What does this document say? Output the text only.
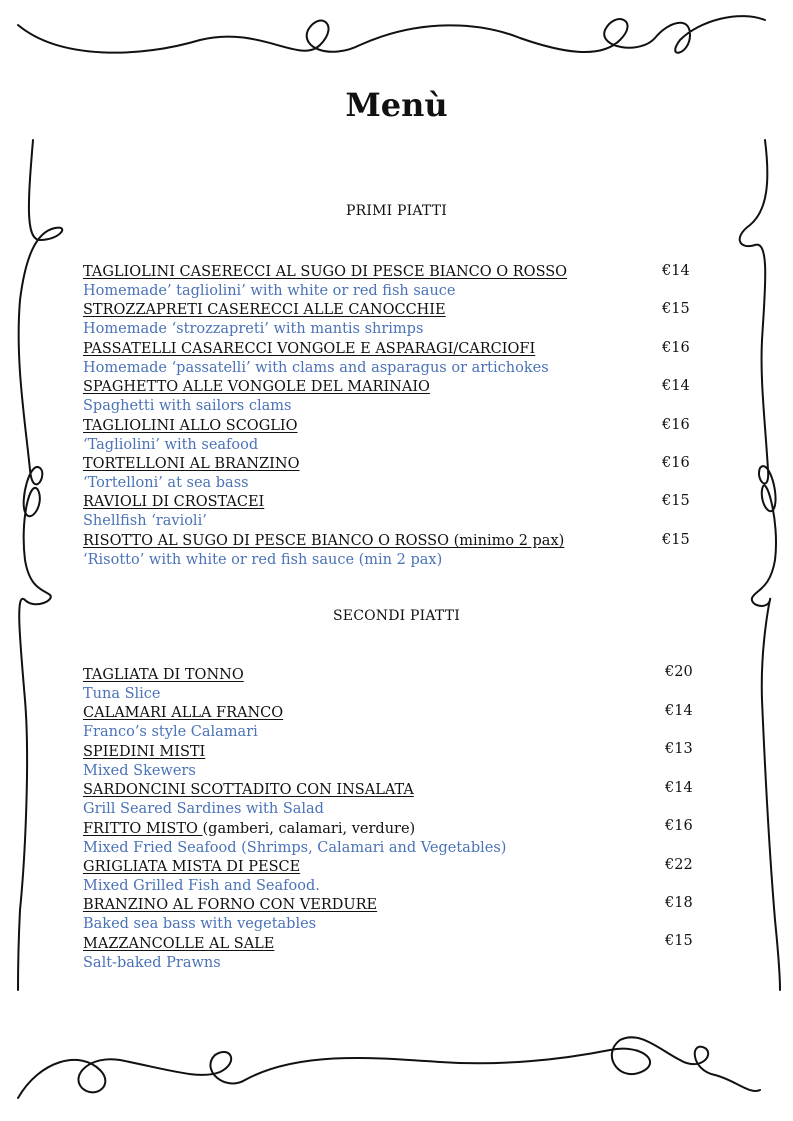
Menù
PRIMI PIATTI
TAGLIOLINI CASERECCI AL SUGO DI PESCE BIANCO O ROSSO
Homemade’ tagliolini’ with white or red fish sauce
€14
STROZZAPRETI CASERECCI ALLE CANOCCHIE
Homemade ‘strozzapreti’ with mantis shrimps
€15
PASSATELLI CASARECCI VONGOLE E ASPARAGI/CARCIOFI
Homemade ‘passatelli’ with clams and asparagus or artichokes
€16
SPAGHETTO ALLE VONGOLE DEL MARINAIO
Spaghetti with sailors clams
€14
TAGLIOLINI ALLO SCOGLIO
‘Tagliolini’ with seafood
€16
TORTELLONI AL BRANZINO
‘Tortelloni’ at sea bass
€16
RAVIOLI DI CROSTACEI
Shellfish ‘ravioli’
€15
RISOTTO AL SUGO DI PESCE BIANCO O ROSSO (minimo 2 pax)
‘Risotto’ with white or red fish sauce (min 2 pax)
€15
SECONDI PIATTI
TAGLIATA DI TONNO
Tuna Slice
€20
CALAMARI ALLA FRANCO
Franco’s style Calamari
€14
SPIEDINI MISTI
Mixed Skewers
€13
SARDONCINI SCOTTADITO CON INSALATA
Grill Seared Sardines with Salad
€14
FRITTO MISTO (gamberi, calamari, verdure)
Mixed Fried Seafood (Shrimps, Calamari and Vegetables)
€16
GRIGLIATA MISTA DI PESCE
Mixed Grilled Fish and Seafood.
€22
BRANZINO AL FORNO CON VERDURE
Baked sea bass with vegetables
€18
MAZZANCOLLE AL SALE
Salt-baked Prawns
€15
